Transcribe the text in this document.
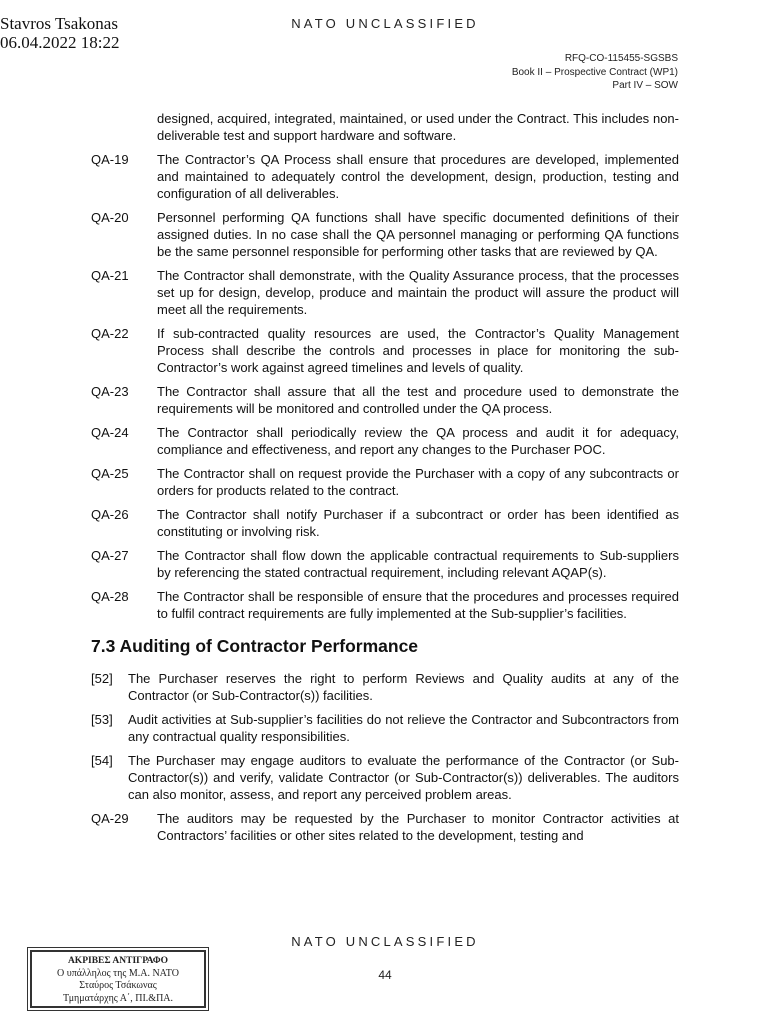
Stavros Tsakonas
06.04.2022 18:22
NATO UNCLASSIFIED
RFQ-CO-115455-SGSBS
Book II – Prospective Contract (WP1)
Part IV – SOW
designed, acquired, integrated, maintained, or used under the Contract. This includes non-deliverable test and support hardware and software.
QA-19	The Contractor’s QA Process shall ensure that procedures are developed, implemented and maintained to adequately control the development, design, production, testing and configuration of all deliverables.
QA-20	Personnel performing QA functions shall have specific documented definitions of their assigned duties. In no case shall the QA personnel managing or performing QA functions be the same personnel responsible for performing other tasks that are reviewed by QA.
QA-21	The Contractor shall demonstrate, with the Quality Assurance process, that the processes set up for design, develop, produce and maintain the product will assure the product will meet all the requirements.
QA-22	If sub-contracted quality resources are used, the Contractor’s Quality Management Process shall describe the controls and processes in place for monitoring the sub-Contractor’s work against agreed timelines and levels of quality.
QA-23	The Contractor shall assure that all the test and procedure used to demonstrate the requirements will be monitored and controlled under the QA process.
QA-24	The Contractor shall periodically review the QA process and audit it for adequacy, compliance and effectiveness, and report any changes to the Purchaser POC.
QA-25	The Contractor shall on request provide the Purchaser with a copy of any subcontracts or orders for products related to the contract.
QA-26	The Contractor shall notify Purchaser if a subcontract or order has been identified as constituting or involving risk.
QA-27	The Contractor shall flow down the applicable contractual requirements to Sub-suppliers by referencing the stated contractual requirement, including relevant AQAP(s).
QA-28	The Contractor shall be responsible of ensure that the procedures and processes required to fulfil contract requirements are fully implemented at the Sub-supplier’s facilities.
7.3 Auditing of Contractor Performance
[52]	The Purchaser reserves the right to perform Reviews and Quality audits at any of the Contractor (or Sub-Contractor(s)) facilities.
[53]	Audit activities at Sub-supplier’s facilities do not relieve the Contractor and Subcontractors from any contractual quality responsibilities.
[54]	The Purchaser may engage auditors to evaluate the performance of the Contractor (or Sub-Contractor(s)) and verify, validate Contractor (or Sub-Contractor(s)) deliverables. The auditors can also monitor, assess, and report any perceived problem areas.
QA-29	The auditors may be requested by the Purchaser to monitor Contractor activities at Contractors’ facilities or other sites related to the development, testing and
NATO UNCLASSIFIED
44
ΑΚΡΙΒΕΣ ΑΝΤΙΓΡΑΦΟ
Ο υπάλληλος της Μ.Α. ΝΑΤΟ
Σταύρος Τσάκωνας
Τμηματάρχης Α΄, ΠΙ.&ΠΑ.
